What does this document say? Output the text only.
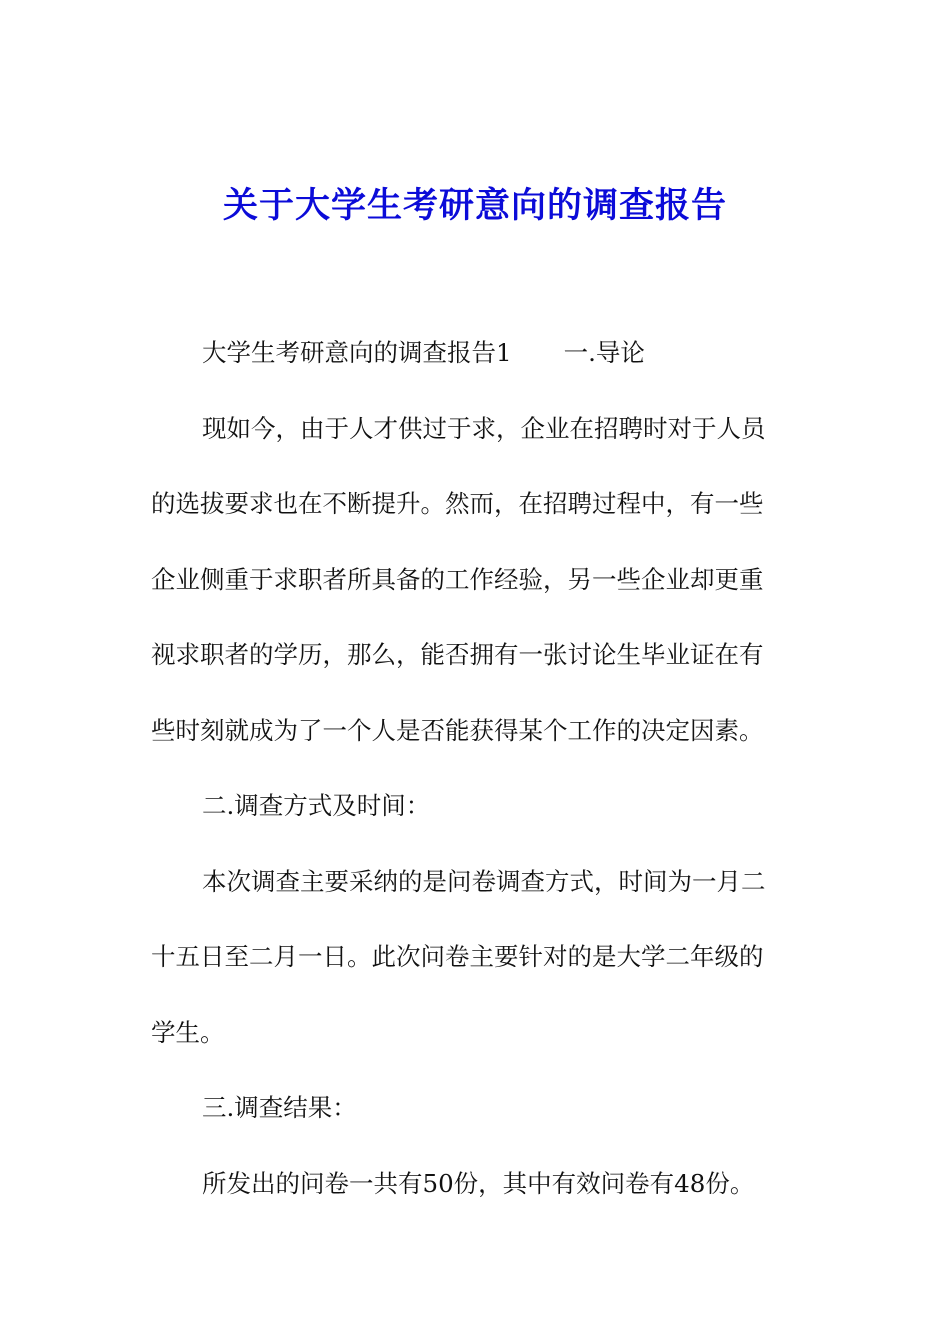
关于大学生考研意向的调查报告
大学生考研意向的调查报告1 一.导论
现如今，由于人才供过于求，企业在招聘时对于人员
的选拔要求也在不断提升。然而，在招聘过程中，有一些
企业侧重于求职者所具备的工作经验，另一些企业却更重
视求职者的学历，那么，能否拥有一张讨论生毕业证在有
些时刻就成为了一个人是否能获得某个工作的决定因素。
二.调查方式及时间：
本次调查主要采纳的是问卷调查方式，时间为一月二
十五日至二月一日。此次问卷主要针对的是大学二年级的
学生。
三.调查结果：
所发出的问卷一共有50份，其中有效问卷有48份。
